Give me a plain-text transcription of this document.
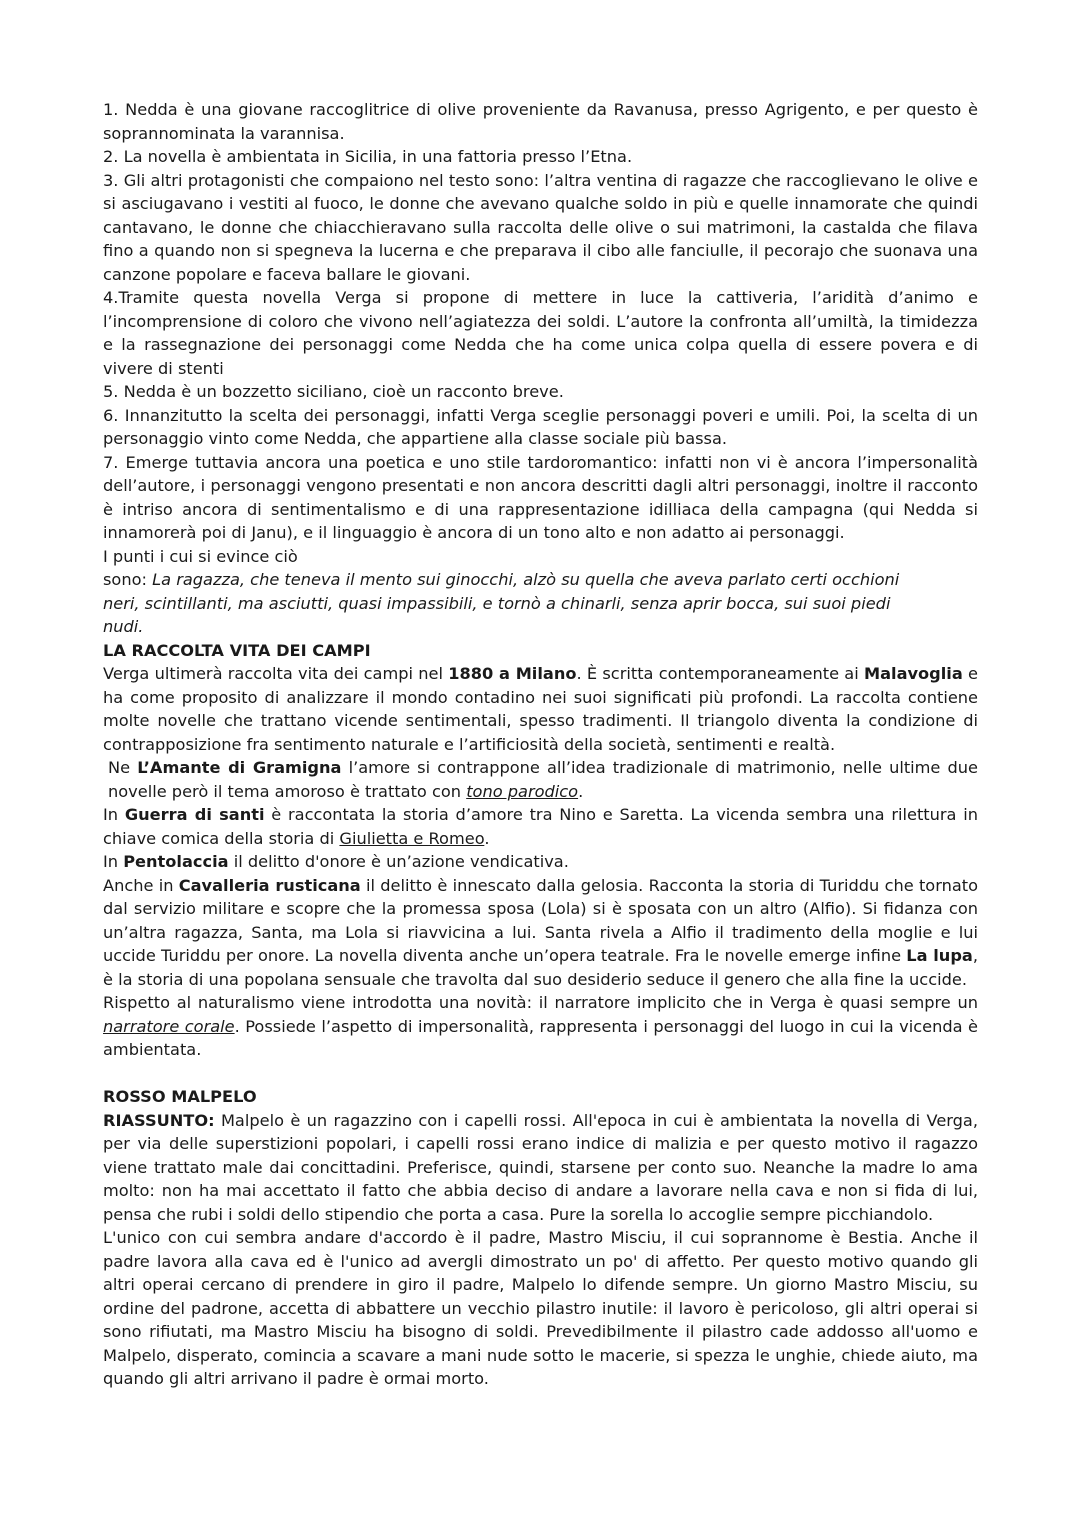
1. Nedda è una giovane raccoglitrice di olive proveniente da Ravanusa, presso Agrigento, e per questo è soprannominata la varannisa.

2. La novella è ambientata in Sicilia, in una fattoria presso l’Etna.

3. Gli altri protagonisti che compaiono nel testo sono: l’altra ventina di ragazze che raccoglievano le olive e si asciugavano i vestiti al fuoco, le donne che avevano qualche soldo in più e quelle innamorate che quindi cantavano, le donne che chiacchieravano sulla raccolta delle olive o sui matrimoni, la castalda che filava fino a quando non si spegneva la lucerna e che preparava il cibo alle fanciulle, il pecorajo che suonava una canzone popolare e faceva ballare le giovani.

4.Tramite questa novella Verga si propone di mettere in luce la cattiveria, l’aridità d’animo e l’incomprensione di coloro che vivono nell’agiatezza dei soldi. L’autore la confronta all’umiltà, la timidezza e la rassegnazione dei personaggi come Nedda che ha come unica colpa quella di essere povera e di vivere di stenti

5. Nedda è un bozzetto siciliano, cioè un racconto breve.

6. Innanzitutto la scelta dei personaggi, infatti Verga sceglie personaggi poveri e umili. Poi, la scelta di un personaggio vinto come Nedda, che appartiene alla classe sociale più bassa.

7. Emerge tuttavia ancora una poetica e uno stile tardoromantico: infatti non vi è ancora l’impersonalità dell’autore, i personaggi vengono presentati e non ancora descritti dagli altri personaggi, inoltre il racconto è intriso ancora di sentimentalismo e di una rappresentazione idilliaca della campagna (qui Nedda si innamorerà poi di Janu), e il linguaggio è ancora di un tono alto e non adatto ai personaggi.

I punti i cui si evince ciò

sono: La ragazza, che teneva il mento sui ginocchi, alzò su quella che aveva parlato certi occhioni

neri, scintillanti, ma asciutti, quasi impassibili, e tornò a chinarli, senza aprir bocca, sui suoi piedi

nudi.

LA RACCOLTA VITA DEI CAMPI

Verga ultimerà raccolta vita dei campi nel 1880 a Milano. È scritta contemporaneamente ai Malavoglia e ha come proposito di analizzare il mondo contadino nei suoi significati più profondi. La raccolta contiene molte novelle che trattano vicende sentimentali, spesso tradimenti. Il triangolo diventa la condizione di contrapposizione fra sentimento naturale e l’artificiosità della società, sentimenti e realtà.

Ne L’Amante di Gramigna l’amore si contrappone all’idea tradizionale di matrimonio, nelle ultime due novelle però il tema amoroso è trattato con tono parodico.

In Guerra di santi è raccontata la storia d’amore tra Nino e Saretta. La vicenda sembra una rilettura in chiave comica della storia di Giulietta e Romeo.

In Pentolaccia il delitto d'onore è un’azione vendicativa.

Anche in Cavalleria rusticana il delitto è innescato dalla gelosia. Racconta la storia di Turiddu che tornato dal servizio militare e scopre che la promessa sposa (Lola) si è sposata con un altro (Alfio). Si fidanza con un’altra ragazza, Santa, ma Lola si riavvicina a lui. Santa rivela a Alfio il tradimento della moglie e lui uccide Turiddu per onore. La novella diventa anche un’opera teatrale. Fra le novelle emerge infine La lupa, è la storia di una popolana sensuale che travolta dal suo desiderio seduce il genero che alla fine la uccide.

Rispetto al naturalismo viene introdotta una novità: il narratore implicito che in Verga è quasi sempre un narratore corale. Possiede l’aspetto di impersonalità, rappresenta i personaggi del luogo in cui la vicenda è ambientata.

ROSSO MALPELO

RIASSUNTO: Malpelo è un ragazzino con i capelli rossi. All'epoca in cui è ambientata la novella di Verga, per via delle superstizioni popolari, i capelli rossi erano indice di malizia e per questo motivo il ragazzo viene trattato male dai concittadini. Preferisce, quindi, starsene per conto suo. Neanche la madre lo ama molto: non ha mai accettato il fatto che abbia deciso di andare a lavorare nella cava e non si fida di lui, pensa che rubi i soldi dello stipendio che porta a casa. Pure la sorella lo accoglie sempre picchiandolo.

L'unico con cui sembra andare d'accordo è il padre, Mastro Misciu, il cui soprannome è Bestia. Anche il padre lavora alla cava ed è l'unico ad avergli dimostrato un po' di affetto. Per questo motivo quando gli altri operai cercano di prendere in giro il padre, Malpelo lo difende sempre. Un giorno Mastro Misciu, su ordine del padrone, accetta di abbattere un vecchio pilastro inutile: il lavoro è pericoloso, gli altri operai si sono rifiutati, ma Mastro Misciu ha bisogno di soldi. Prevedibilmente il pilastro cade addosso all'uomo e Malpelo, disperato, comincia a scavare a mani nude sotto le macerie, si spezza le unghie, chiede aiuto, ma quando gli altri arrivano il padre è ormai morto.
